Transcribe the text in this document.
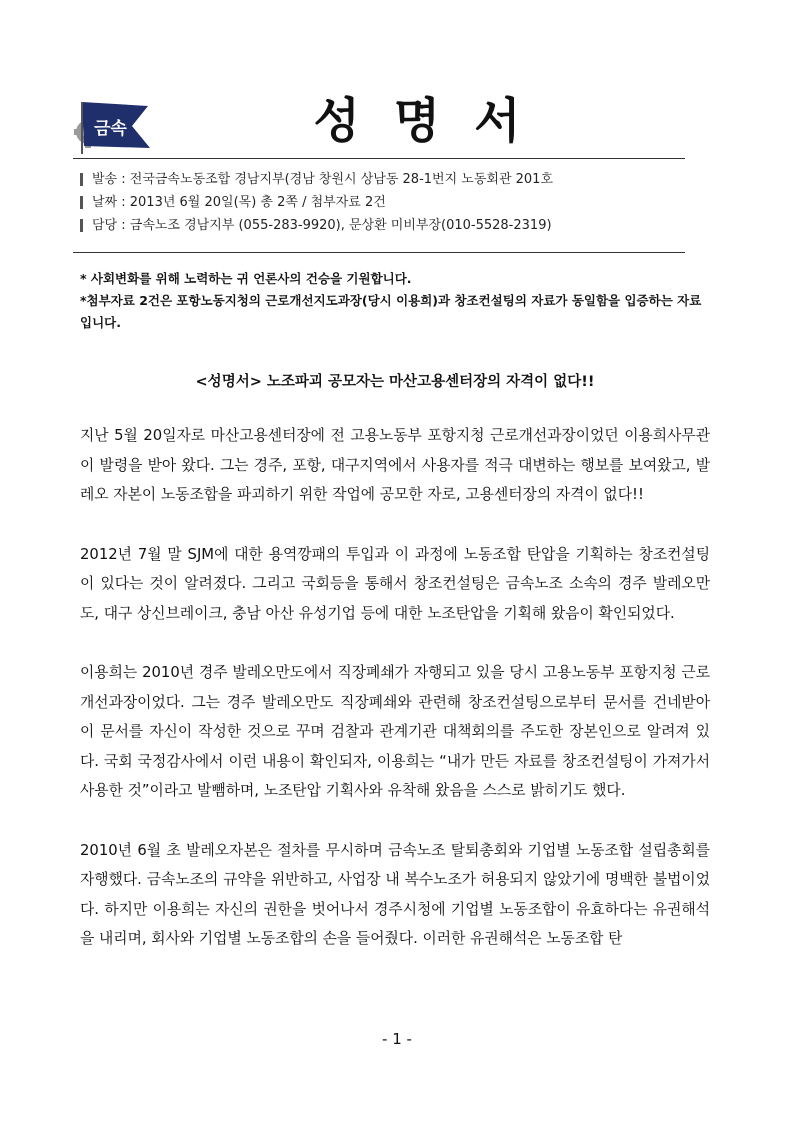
금속	성명서
발송 : 전국금속노동조합 경남지부(경남 창원시 상남동 28-1번지 노동회관 201호
날짜 : 2013년 6월 20일(목) 총 2쪽 / 첨부자료 2건
담당 : 금속노조 경남지부 (055-283-9920), 문상환 미비부장(010-5528-2319)

* 사회변화를 위해 노력하는 귀 언론사의 건승을 기원합니다.

*첨부자료 2건은 포항노동지청의 근로개선지도과장(당시 이용희)과 창조컨설팅의 자료가 동일함을 입증하는 자료입니다.

<성명서> 노조파괴 공모자는 마산고용센터장의 자격이 없다!!

지난 5월 20일자로 마산고용센터장에 전 고용노동부 포항지청 근로개선과장이었던 이용희사무관이 발령을 받아 왔다. 그는 경주, 포항, 대구지역에서 사용자를 적극 대변하는 행보를 보여왔고, 발레오 자본이 노동조합을 파괴하기 위한 작업에 공모한 자로, 고용센터장의 자격이 없다!!

2012년 7월 말 SJM에 대한 용역깡패의 투입과 이 과정에 노동조합 탄압을 기획하는 창조컨설팅이 있다는 것이 알려졌다. 그리고 국회등을 통해서 창조컨설팅은 금속노조 소속의 경주 발레오만도, 대구 상신브레이크, 충남 아산 유성기업 등에 대한 노조탄압을 기획해 왔음이 확인되었다.

이용희는 2010년 경주 발레오만도에서 직장폐쇄가 자행되고 있을 당시 고용노동부 포항지청 근로개선과장이었다. 그는 경주 발레오만도 직장폐쇄와 관련해 창조컨설팅으로부터 문서를 건네받아 이 문서를 자신이 작성한 것으로 꾸며 검찰과 관계기관 대책회의를 주도한 장본인으로 알려져 있다. 국회 국정감사에서 이런 내용이 확인되자, 이용희는 “내가 만든 자료를 창조컨설팅이 가져가서 사용한 것”이라고 발뺌하며, 노조탄압 기획사와 유착해 왔음을 스스로 밝히기도 했다.

2010년 6월 초 발레오자본은 절차를 무시하며 금속노조 탈퇴총회와 기업별 노동조합 설립총회를 자행했다. 금속노조의 규약을 위반하고, 사업장 내 복수노조가 허용되지 않았기에 명백한 불법이었다. 하지만 이용희는 자신의 권한을 벗어나서 경주시청에 기업별 노동조합이 유효하다는 유권해석을 내리며, 회사와 기업별 노동조합의 손을 들어줬다. 이러한 유권해석은 노동조합 탄

- 1 -
